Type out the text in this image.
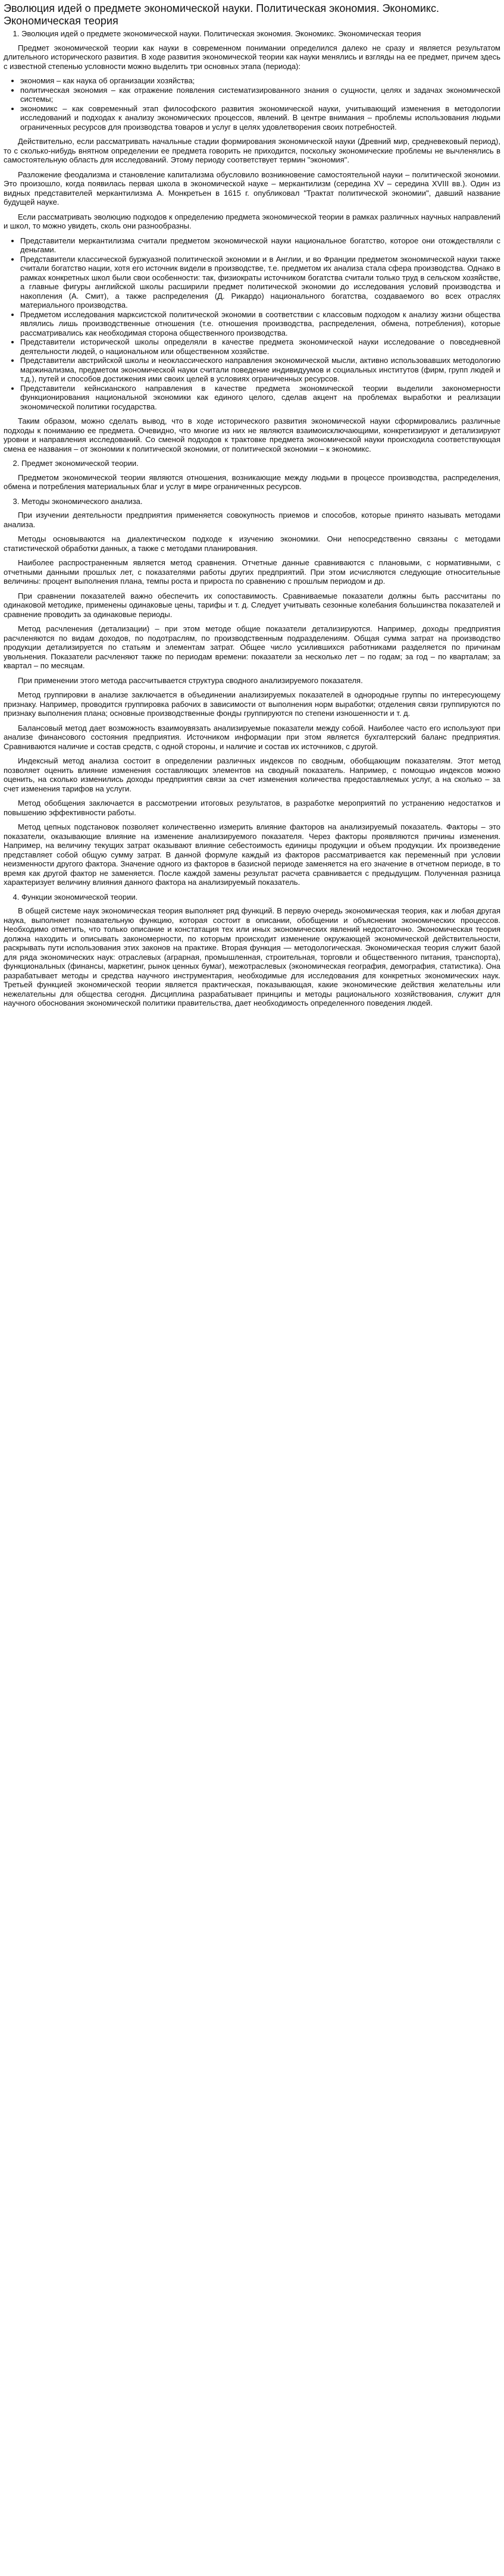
Эволюция идей о предмете экономической науки. Политическая экономия. Экономикс. Экономическая теория
1. Эволюция идей о предмете экономической науки. Политическая экономия. Экономикс. Экономическая теория

Предмет экономической теории как науки в современном понимании определился далеко не сразу и является результатом длительного исторического развития. В ходе развития экономической теории как науки менялись и взгляды на ее предмет, причем здесь с известной степенью условности можно выделить три основных этапа (периода):

• экономия – как наука об организации хозяйства;
• политическая экономия – как отражение появления систематизированного знания о сущности, целях и задачах экономической системы;
• экономикс – как современный этап философского развития экономической науки, учитывающий изменения в методологии исследований и подходах к анализу экономических процессов, явлений. В центре внимания – проблемы использования людьми ограниченных ресурсов для производства товаров и услуг в целях удовлетворения своих потребностей.

Действительно, если рассматривать начальные стадии формирования экономической науки (Древний мир, средневековый период), то с сколько-нибудь внятном определении ее предмета говорить не приходится, поскольку экономические проблемы не вычленялись в самостоятельную область для исследований. Этому периоду соответствует термин "экономия".

Разложение феодализма и становление капитализма обусловило возникновение самостоятельной науки – политической экономии. Это произошло, когда появилась первая школа в экономической науке – меркантилизм (середина XV – середина XVIII вв.). Один из видных представителей меркантилизма А. Монкретьен в 1615 г. опубликовал "Трактат политической экономии", давший название будущей науке.

Если рассматривать эволюцию подходов к определению предмета экономической теории в рамках различных научных направлений и школ, то можно увидеть, сколь они разнообразны.

• Представители меркантилизма считали предметом экономической науки национальное богатство, которое они отождествляли с деньгами.
• Представители классической буржуазной политической экономии и в Англии, и во Франции предметом экономической науки также считали богатство нации, хотя его источник видели в производстве, т.е. предметом их анализа стала сфера производства. Однако в рамках конкретных школ были свои особенности: так, физиократы источником богатства считали только труд в сельском хозяйстве, а главные фигуры английской школы расширили предмет политической экономии до исследования условий производства и накопления (А. Смит), а также распределения (Д. Рикардо) национального богатства, создаваемого во всех отраслях материального производства.
• Предметом исследования марксистской политической экономии в соответствии с классовым подходом к анализу жизни общества являлись лишь производственные отношения (т.е. отношения производства, распределения, обмена, потребления), которые рассматривались как необходимая сторона общественного производства.
• Представители исторической школы определяли в качестве предмета экономической науки исследование о повседневной деятельности людей, о национальном или общественном хозяйстве.
• Представители австрийской школы и неоклассического направления экономической мысли, активно использовавших методологию маржинализма, предметом экономической науки считали поведение индивидуумов и социальных институтов (фирм, групп людей и т.д.), путей и способов достижения ими своих целей в условиях ограниченных ресурсов.
• Представители кейнсианского направления в качестве предмета экономической теории выделили закономерности функционирования национальной экономики как единого целого, сделав акцент на проблемах выработки и реализации экономической политики государства.

Таким образом, можно сделать вывод, что в ходе исторического развития экономической науки сформировались различные подходы к пониманию ее предмета. Очевидно, что многие из них не являются взаимоисключающими, конкретизируют и детализируют уровни и направления исследований. Со сменой подходов к трактовке предмета экономической науки происходила соответствующая смена ее названия – от экономии к политической экономии, от политической экономии – к экономикс.

2. Предмет экономической теории.

Предметом экономической теории являются отношения, возникающие между людьми в процессе производства, распределения, обмена и потребления материальных благ и услуг в мире ограниченных ресурсов.

3. Методы экономического анализа.

При изучении деятельности предприятия применяется совокупность приемов и способов, которые принято называть методами анализа.

Методы основываются на диалектическом подходе к изучению экономики. Они непосредственно связаны с методами статистической обработки данных, а также с методами планирования.

Наиболее распространенным является метод сравнения. Отчетные данные сравниваются с плановыми, с нормативными, с отчетными данными прошлых лет, с показателями работы других предприятий. При этом исчисляются следующие относительные величины: процент выполнения плана, темпы роста и прироста по сравнению с прошлым периодом и др.

При сравнении показателей важно обеспечить их сопоставимость. Сравниваемые показатели должны быть рассчитаны по одинаковой методике, применены одинаковые цены, тарифы и т. д. Следует учитывать сезонные колебания большинства показателей и сравнение проводить за одинаковые периоды.

Метод расчленения (детализации) – при этом методе общие показатели детализируются. Например, доходы предприятия расчленяются по видам доходов, по подотраслям, по производственным подразделениям. Общая сумма затрат на производство продукции детализируется по статьям и элементам затрат. Общее число усилившихся работниками разделяется по причинам увольнения. Показатели расчленяют также по периодам времени: показатели за несколько лет – по годам; за год – по кварталам; за квартал – по месяцам.

При применении этого метода рассчитывается структура сводного анализируемого показателя.

Метод группировки в анализе заключается в объединении анализируемых показателей в однородные группы по интересующему признаку. Например, проводится группировка рабочих в зависимости от выполнения норм выработки; отделения связи группируются по признаку выполнения плана; основные производственные фонды группируются по степени изношенности и т. д.

Балансовый метод дает возможность взаимоувязать анализируемые показатели между собой. Наиболее часто его используют при анализе финансового состояния предприятия. Источником информации при этом является бухгалтерский баланс предприятия. Сравниваются наличие и состав средств, с одной стороны, и наличие и состав их источников, с другой.

Индексный метод анализа состоит в определении различных индексов по сводным, обобщающим показателям. Этот метод позволяет оценить влияние изменения составляющих элементов на сводный показатель. Например, с помощью индексов можно оценить, на сколько изменились доходы предприятия связи за счет изменения количества предоставляемых услуг, а на сколько – за счет изменения тарифов на услуги.

Метод обобщения заключается в рассмотрении итоговых результатов, в разработке мероприятий по устранению недостатков и повышению эффективности работы.

Метод цепных подстановок позволяет количественно измерить влияние факторов на анализируемый показатель. Факторы – это показатели, оказывающие влияние на изменение анализируемого показателя. Через факторы проявляются причины изменения. Например, на величину текущих затрат оказывают влияние себестоимость единицы продукции и объем продукции. Их произведение представляет собой общую сумму затрат. В данной формуле каждый из факторов рассматривается как переменный при условии неизменности другого фактора. Значение одного из факторов в базисной периоде заменяется на его значение в отчетном периоде, в то время как другой фактор не заменяется. После каждой замены результат расчета сравнивается с предыдущим. Полученная разница характеризует величину влияния данного фактора на анализируемый показатель.

4. Функции экономической теории.

В общей системе наук экономическая теория выполняет ряд функций. В первую очередь экономическая теория, как и любая другая наука, выполняет познавательную функцию, которая состоит в описании, обобщении и объяснении экономических процессов. Необходимо отметить, что только описание и констатация тех или иных экономических явлений недостаточно. Экономическая теория должна находить и описывать закономерности, по которым происходит изменение окружающей экономической действительности, раскрывать пути использования этих законов на практике. Вторая функция — методологическая. Экономическая теория служит базой для ряда экономических наук: отраслевых (аграрная, промышленная, строительная, торговли и общественного питания, транспорта), функциональных (финансы, маркетинг, рынок ценных бумаг), межотраслевых (экономическая география, демография, статистика). Она разрабатывает методы и средства научного инструментария, необходимые для исследования для конкретных экономических наук. Третьей функцией экономической теории является практическая, показывающая, какие экономические действия желательны или нежелательны для общества сегодня. Дисциплина разрабатывает принципы и методы рационального хозяйствования, служит для научного обоснования экономической политики правительства, дает необходимость определенного поведения людей.
